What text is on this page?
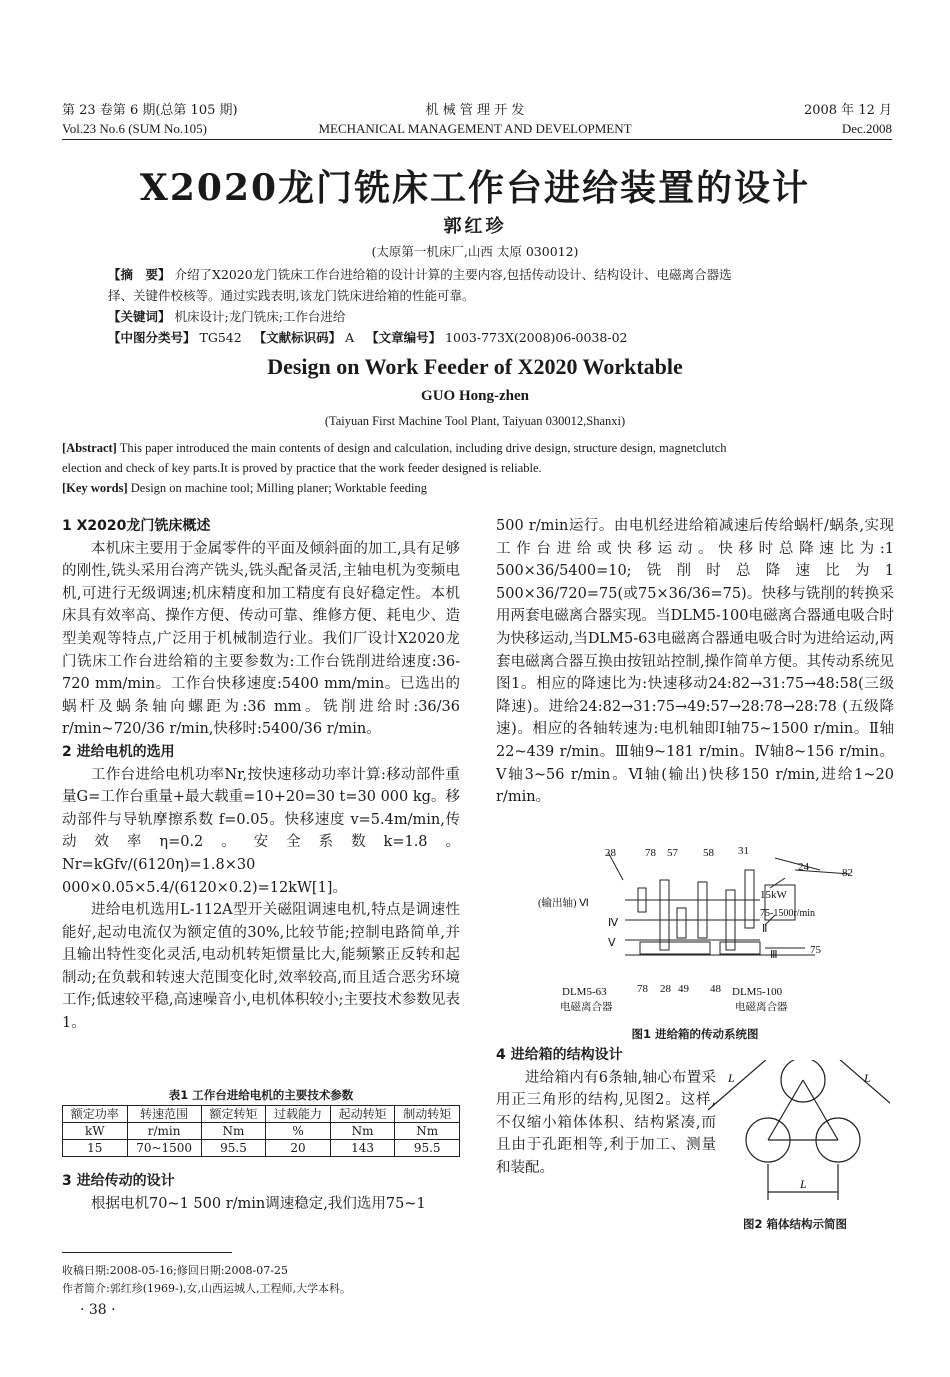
第 23 卷第 6 期(总第 105 期)
Vol.23 No.6 (SUM No.105)
机 械 管 理 开 发
MECHANICAL MANAGEMENT AND DEVELOPMENT
2008 年 12 月
Dec.2008
X2020龙门铣床工作台进给装置的设计
郭红珍
(太原第一机床厂,山西 太原 030012)
【摘　要】 介绍了X2020龙门铣床工作台进给箱的设计计算的主要内容,包括传动设计、结构设计、电磁离合器选
择、关键件校核等。通过实践表明,该龙门铣床进给箱的性能可靠。
【关键词】 机床设计;龙门铣床;工作台进给
【中图分类号】 TG542 【文献标识码】 A 【文章编号】 1003-773X(2008)06-0038-02
Design on Work Feeder of X2020 Worktable
GUO Hong-zhen
(Taiyuan First Machine Tool Plant, Taiyuan 030012,Shanxi)
[Abstract] This paper introduced the main contents of design and calculation, including drive design, structure design, magnetclutch
election and check of key parts.It is proved by practice that the work feeder designed is reliable.
[Key words] Design on machine tool; Milling planer; Worktable feeding
1 X2020龙门铣床概述

本机床主要用于金属零件的平面及倾斜面的加工,具有足够的刚性,铣头采用台湾产铣头,铣头配备灵活,主轴电机为变频电机,可进行无级调速;机床精度和加工精度有良好稳定性。本机床具有效率高、操作方便、传动可靠、维修方便、耗电少、造型美观等特点,广泛用于机械制造行业。我们厂设计X2020龙门铣床工作台进给箱的主要参数为:工作台铣削进给速度:36-720 mm/min。工作台快移速度:5400 mm/min。已选出的蜗杆及蜗条轴向螺距为:36 mm。铣削进给时:36/36 r/min~720/36 r/min,快移时:5400/36 r/min。

2 进给电机的选用

工作台进给电机功率Nr,按快速移动功率计算:移动部件重量G=工作台重量+最大载重=10+20=30 t=30 000 kg。移动部件与导轨摩擦系数 f=0.05。快移速度 v=5.4m/min,传动效率η=0.2。安全系数k=1.8。Nr=kGfv/(6120η)=1.8×30 000×0.05×5.4/(6120×0.2)=12kW[1]。

进给电机选用L-112A型开关磁阻调速电机,特点是调速性能好,起动电流仅为额定值的30%,比较节能;控制电路简单,并且输出特性变化灵活,电动机转矩惯量比大,能频繁正反转和起制动;在负载和转速大范围变化时,效率较高,而且适合恶劣环境工作;低速较平稳,高速噪音小,电机体积较小;主要技术参数见表1。

表1 工作台进给电机的主要技术参数
额定功率	转速范围	额定转矩	过载能力	起动转矩	制动转矩
kW	r/min	Nm	%	Nm	Nm
15	70~1500	95.5	20	143	95.5
3 进给传动的设计

根据电机70~1 500 r/min调速稳定,我们选用75~1

500 r/min运行。由电机经进给箱减速后传给蜗杆/蜗条,实现工作台进给或快移运动。快移时总降速比为:1 500×36/5400=10;铣削时总降速比为1 500×36/720=75(或75×36/36=75)。快移与铣削的转换采用两套电磁离合器实现。当DLM5-100电磁离合器通电吸合时为快移运动,当DLM5-63电磁离合器通电吸合时为进给运动,两套电磁离合器互换由按钮站控制,操作简单方便。其传动系统见图1。相应的降速比为:快速移动24:82→31:75→48:58(三级降速)。进给24:82→31:75→49:57→28:78→28:78 (五级降速)。相应的各轴转速为:电机轴即Ⅰ轴75~1500 r/min。Ⅱ轴22~439 r/min。Ⅲ轴9~181 r/min。Ⅳ轴8~156 r/min。Ⅴ轴3~56 r/min。Ⅵ轴(输出)快移150 r/min,进给1~20 r/min。
28	78 57 58 31
24	82
15kW
75-1500r/min
75
(输出轴) Ⅵ
Ⅳ
Ⅴ
Ⅱ
Ⅲ
78 28 49 48
DLM5-63
电磁离合器
DLM5-100
电磁离合器
图1 进给箱的传动系统图
4 进给箱的结构设计

进给箱内有6条轴,轴心布置采用正三角形的结构,见图2。这样,不仅缩小箱体体积、结构紧凑,而且由于孔距相等,利于加工、测量和装配。

L	L
L
图2 箱体结构示简图
收稿日期:2008-05-16;修回日期:2008-07-25
作者简介:郭红珍(1969-),女,山西运城人,工程师,大学本科。
· 38 ·
